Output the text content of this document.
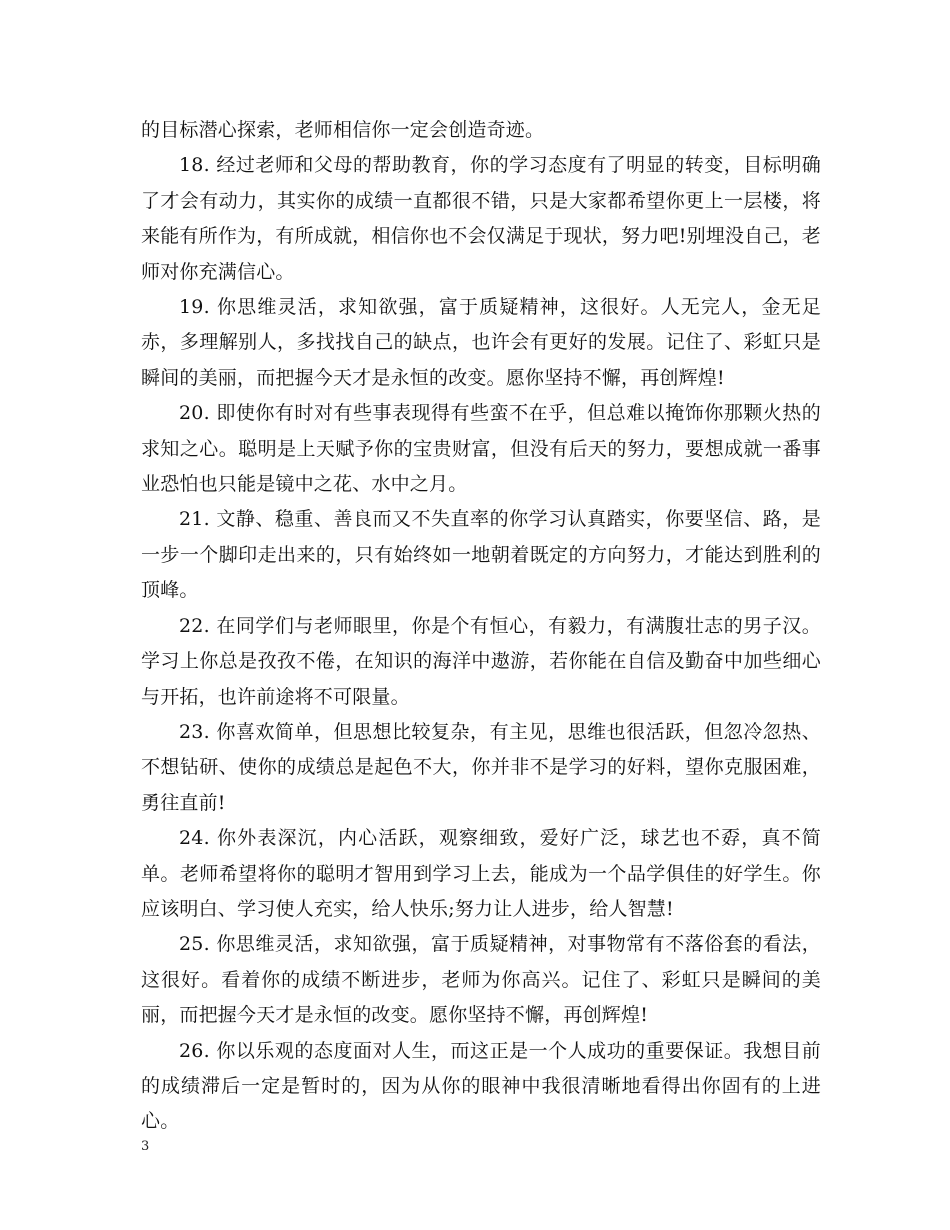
的目标潜心探索，老师相信你一定会创造奇迹。

18. 经过老师和父母的帮助教育，你的学习态度有了明显的转变，目标明确了才会有动力，其实你的成绩一直都很不错，只是大家都希望你更上一层楼，将来能有所作为，有所成就，相信你也不会仅满足于现状，努力吧!别埋没自己，老师对你充满信心。

19. 你思维灵活，求知欲强，富于质疑精神，这很好。人无完人，金无足赤，多理解别人，多找找自己的缺点，也许会有更好的发展。记住了、彩虹只是瞬间的美丽，而把握今天才是永恒的改变。愿你坚持不懈，再创辉煌!

20. 即使你有时对有些事表现得有些蛮不在乎，但总难以掩饰你那颗火热的求知之心。聪明是上天赋予你的宝贵财富，但没有后天的努力，要想成就一番事业恐怕也只能是镜中之花、水中之月。

21. 文静、稳重、善良而又不失直率的你学习认真踏实，你要坚信、路，是一步一个脚印走出来的，只有始终如一地朝着既定的方向努力，才能达到胜利的顶峰。

22. 在同学们与老师眼里，你是个有恒心，有毅力，有满腹壮志的男子汉。学习上你总是孜孜不倦，在知识的海洋中遨游，若你能在自信及勤奋中加些细心与开拓，也许前途将不可限量。

23. 你喜欢简单，但思想比较复杂，有主见，思维也很活跃，但忽冷忽热、不想钻研、使你的成绩总是起色不大，你并非不是学习的好料，望你克服困难，勇往直前!

24. 你外表深沉，内心活跃，观察细致，爱好广泛，球艺也不孬，真不简单。老师希望将你的聪明才智用到学习上去，能成为一个品学俱佳的好学生。你应该明白、学习使人充实，给人快乐;努力让人进步，给人智慧!

25. 你思维灵活，求知欲强，富于质疑精神，对事物常有不落俗套的看法，这很好。看着你的成绩不断进步，老师为你高兴。记住了、彩虹只是瞬间的美丽，而把握今天才是永恒的改变。愿你坚持不懈，再创辉煌!

26. 你以乐观的态度面对人生，而这正是一个人成功的重要保证。我想目前的成绩滞后一定是暂时的，因为从你的眼神中我很清晰地看得出你固有的上进心。

3
